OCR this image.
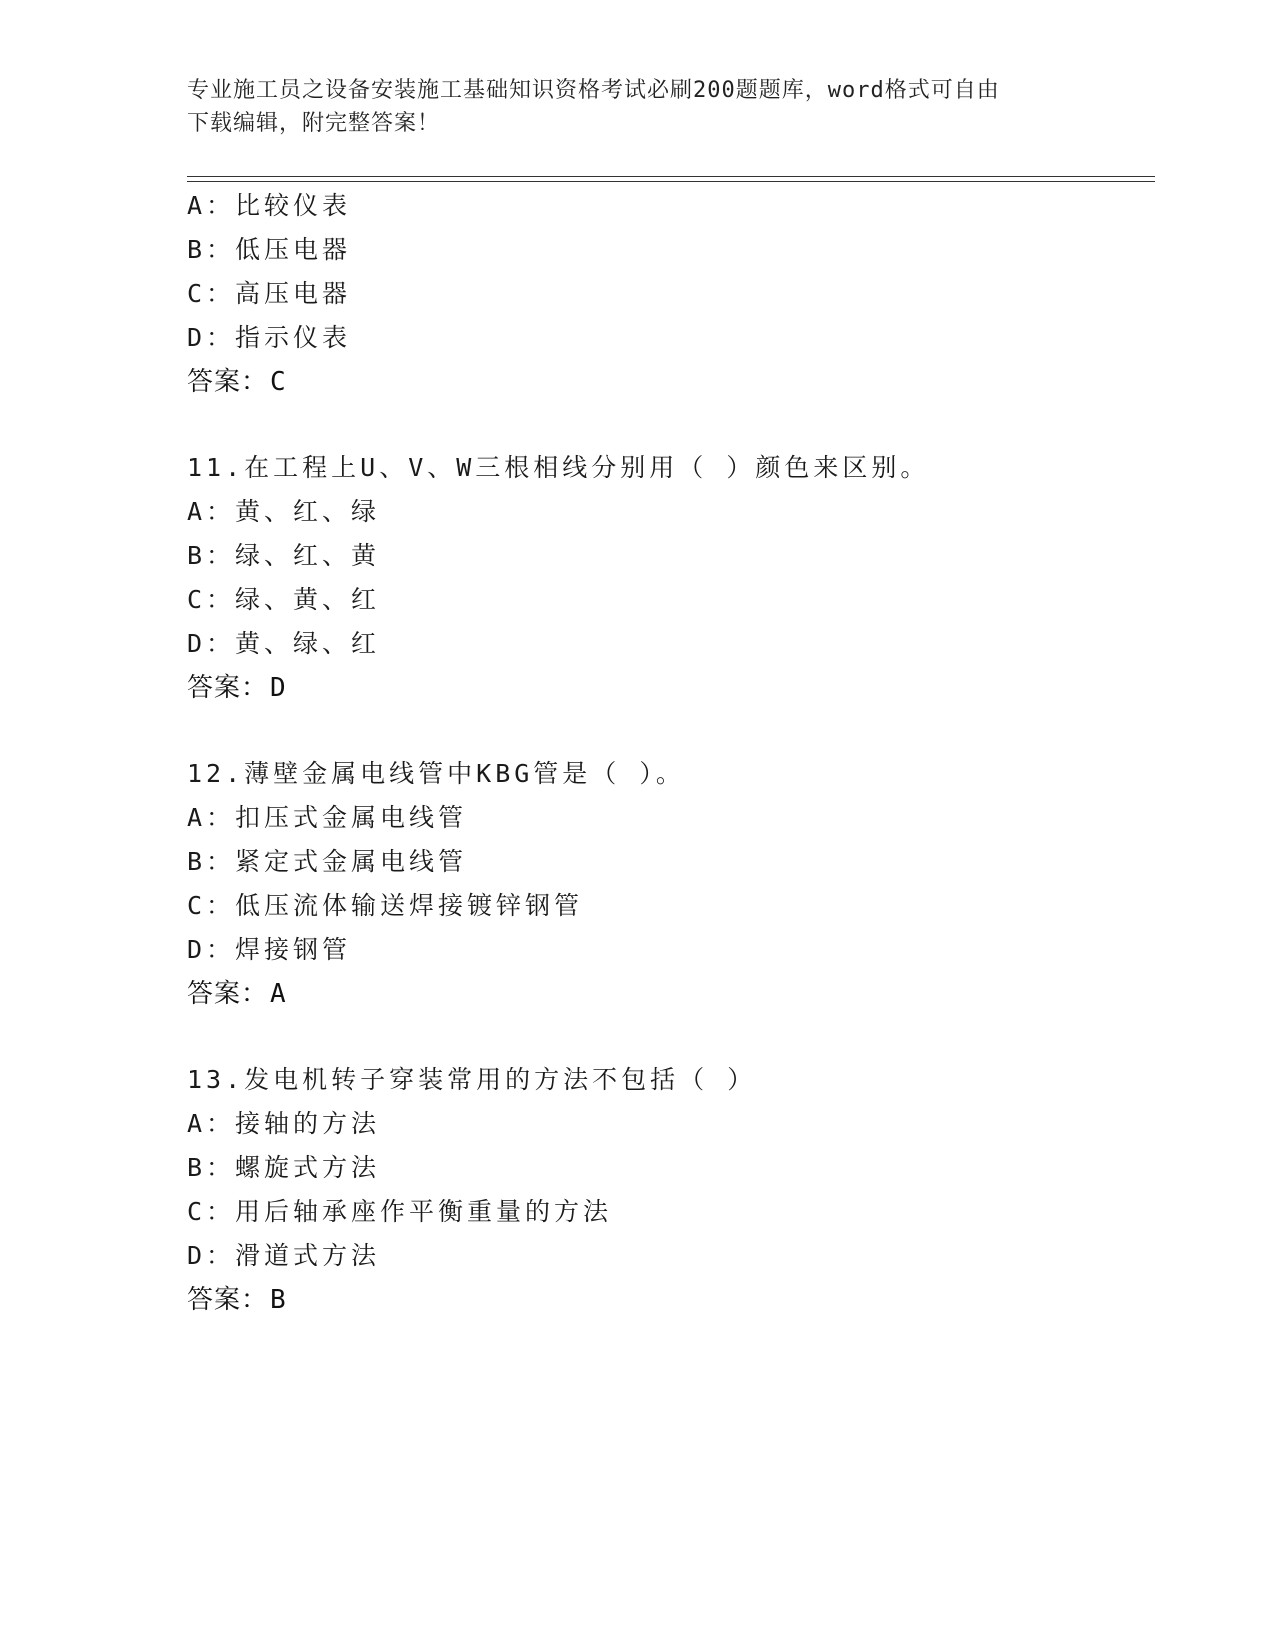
专业施工员之设备安装施工基础知识资格考试必刷200题题库，word格式可自由
下载编辑，附完整答案！
A：比较仪表
B：低压电器
C：高压电器
D：指示仪表
答案：C
11.在工程上U、V、W三根相线分别用（ ）颜色来区别。
A：黄、红、绿
B：绿、红、黄
C：绿、黄、红
D：黄、绿、红
答案：D
12.薄壁金属电线管中KBG管是（ ）。
A：扣压式金属电线管
B：紧定式金属电线管
C：低压流体输送焊接镀锌钢管
D：焊接钢管
答案：A
13.发电机转子穿装常用的方法不包括（ ）
A：接轴的方法
B：螺旋式方法
C：用后轴承座作平衡重量的方法
D：滑道式方法
答案：B
